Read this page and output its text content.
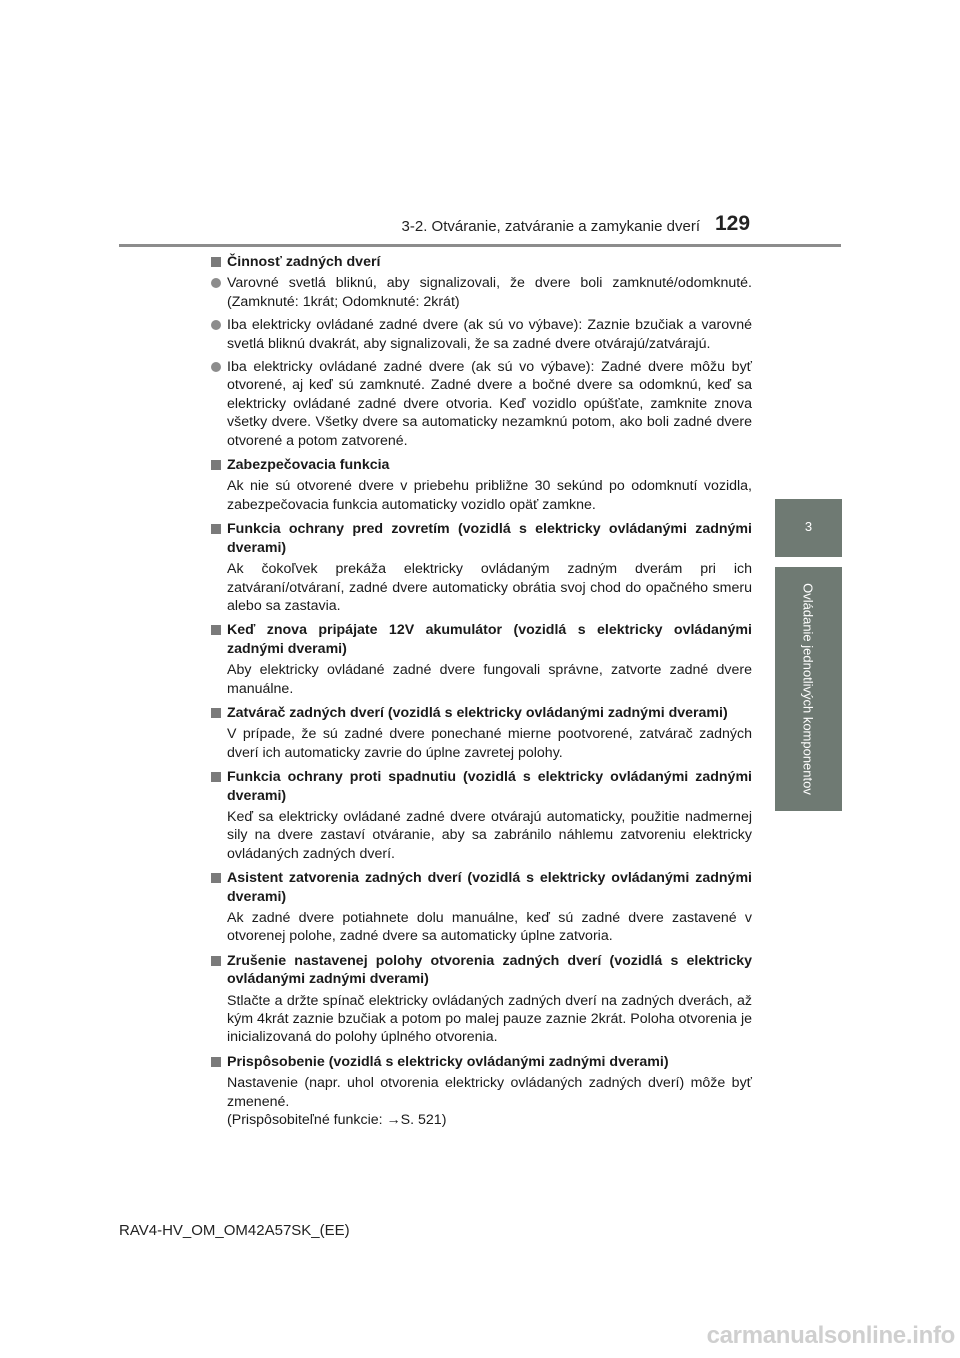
3-2. Otváranie, zatváranie a zamykanie dverí 129
3
Ovládanie jednotlivých komponentov
Činnosť zadných dverí
Varovné svetlá bliknú, aby signalizovali, že dvere boli zamknuté/odomknuté. (Zamknuté: 1krát; Odomknuté: 2krát)
Iba elektricky ovládané zadné dvere (ak sú vo výbave): Zaznie bzučiak a varovné svetlá bliknú dvakrát, aby signalizovali, že sa zadné dvere otvárajú/zatvárajú.
Iba elektricky ovládané zadné dvere (ak sú vo výbave): Zadné dvere môžu byť otvorené, aj keď sú zamknuté. Zadné dvere a bočné dvere sa odomknú, keď sa elektricky ovládané zadné dvere otvoria. Keď vozidlo opúšťate, zamknite znova všetky dvere. Všetky dvere sa automaticky nezamknú potom, ako boli zadné dvere otvorené a potom zatvorené.
Zabezpečovacia funkcia
Ak nie sú otvorené dvere v priebehu približne 30 sekúnd po odomknutí vozidla, zabezpečovacia funkcia automaticky vozidlo opäť zamkne.
Funkcia ochrany pred zovretím (vozidlá s elektricky ovládanými zadnými dverami)
Ak čokoľvek prekáža elektricky ovládaným zadným dverám pri ich zatváraní/otváraní, zadné dvere automaticky obrátia svoj chod do opačného smeru alebo sa zastavia.
Keď znova pripájate 12V akumulátor (vozidlá s elektricky ovládanými zadnými dverami)
Aby elektricky ovládané zadné dvere fungovali správne, zatvorte zadné dvere manuálne.
Zatvárač zadných dverí (vozidlá s elektricky ovládanými zadnými dverami)
V prípade, že sú zadné dvere ponechané mierne pootvorené, zatvárač zadných dverí ich automaticky zavrie do úplne zavretej polohy.
Funkcia ochrany proti spadnutiu (vozidlá s elektricky ovládanými zadnými dverami)
Keď sa elektricky ovládané zadné dvere otvárajú automaticky, použitie nadmernej sily na dvere zastaví otváranie, aby sa zabránilo náhlemu zatvoreniu elektricky ovládaných zadných dverí.
Asistent zatvorenia zadných dverí (vozidlá s elektricky ovládanými zadnými dverami)
Ak zadné dvere potiahnete dolu manuálne, keď sú zadné dvere zastavené v otvorenej polohe, zadné dvere sa automaticky úplne zatvoria.
Zrušenie nastavenej polohy otvorenia zadných dverí (vozidlá s elektricky ovládanými zadnými dverami)
Stlačte a držte spínač elektricky ovládaných zadných dverí na zadných dverách, až kým 4krát zaznie bzučiak a potom po malej pauze zaznie 2krát. Poloha otvorenia je inicializovaná do polohy úplného otvorenia.
Prispôsobenie (vozidlá s elektricky ovládanými zadnými dverami)
Nastavenie (napr. uhol otvorenia elektricky ovládaných zadných dverí) môže byť zmenené.
(Prispôsobiteľné funkcie: →S. 521)
RAV4-HV_OM_OM42A57SK_(EE)
carmanualsonline.info
